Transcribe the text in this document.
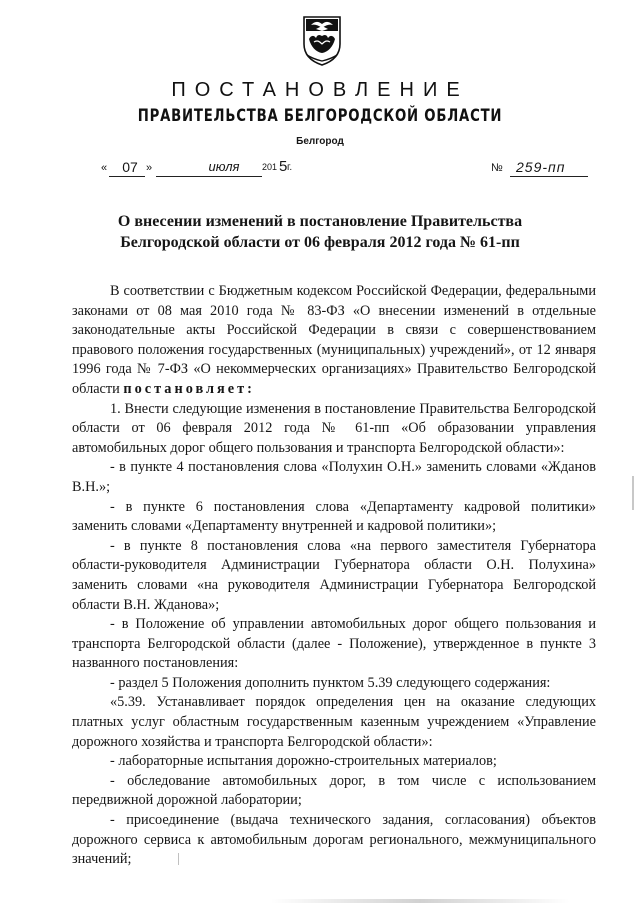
ПОСТАНОВЛЕНИЕ
ПРАВИТЕЛЬСТВА БЕЛГОРОДСКОЙ ОБЛАСТИ
Белгород
«	07 »	июля	201 5 г.	№ 259-пп
О внесении изменений в постановление Правительства
Белгородской области от 06 февраля 2012 года № 61-пп

В соответствии с Бюджетным кодексом Российской Федерации, федеральными законами от 08 мая 2010 года № 83-ФЗ «О внесении изменений в отдельные законодательные акты Российской Федерации в связи с совершенствованием правового положения государственных (муниципальных) учреждений», от 12 января 1996 года № 7-ФЗ «О некоммерческих организациях» Правительство Белгородской области постановляет:

1. Внести следующие изменения в постановление Правительства Белгородской области от 06 февраля 2012 года № 61-пп «Об образовании управления автомобильных дорог общего пользования и транспорта Белгородской области»:

- в пункте 4 постановления слова «Полухин О.Н.» заменить словами «Жданов В.Н.»;

- в пункте 6 постановления слова «Департаменту кадровой политики» заменить словами «Департаменту внутренней и кадровой политики»;

- в пункте 8 постановления слова «на первого заместителя Губернатора области-руководителя Администрации Губернатора области О.Н. Полухина» заменить словами «на руководителя Администрации Губернатора Белгородской области В.Н. Жданова»;

- в Положение об управлении автомобильных дорог общего пользования и транспорта Белгородской области (далее - Положение), утвержденное в пункте 3 названного постановления:

- раздел 5 Положения дополнить пунктом 5.39 следующего содержания:

«5.39. Устанавливает порядок определения цен на оказание следующих платных услуг областным государственным казенным учреждением «Управление дорожного хозяйства и транспорта Белгородской области»:

- лабораторные испытания дорожно-строительных материалов;

- обследование автомобильных дорог, в том числе с использованием передвижной дорожной лаборатории;

- присоединение (выдача технического задания, согласования) объектов дорожного сервиса к автомобильным дорогам регионального, межмуниципального значений;
